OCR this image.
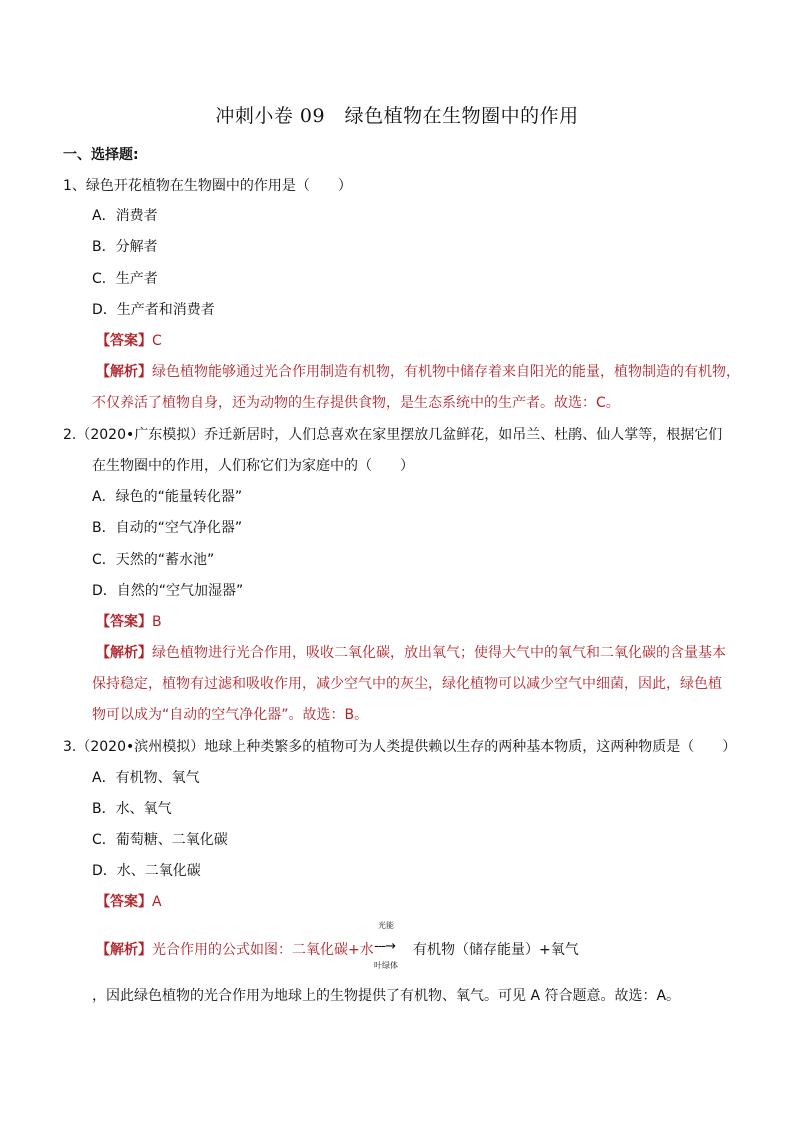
冲刺小卷 09　绿色植物在生物圈中的作用
一、选择题:
1、绿色开花植物在生物圈中的作用是（　　）
A．消费者
B．分解者
C．生产者
D．生产者和消费者
【答案】C
【解析】绿色植物能够通过光合作用制造有机物，有机物中储存着来自阳光的能量，植物制造的有机物，
不仅养活了植物自身，还为动物的生存提供食物，是生态系统中的生产者。故选：C。
2.（2020•广东模拟）乔迁新居时，人们总喜欢在家里摆放几盆鲜花，如吊兰、杜鹃、仙人掌等，根据它们
在生物圈中的作用，人们称它们为家庭中的（　　）
A．绿色的“能量转化器”
B．自动的“空气净化器”
C．天然的“蓄水池”
D．自然的“空气加湿器”
【答案】B
【解析】绿色植物进行光合作用，吸收二氧化碳，放出氧气；使得大气中的氧气和二氧化碳的含量基本
保持稳定，植物有过滤和吸收作用，减少空气中的灰尘，绿化植物可以减少空气中细菌，因此，绿色植
物可以成为“自动的空气净化器”。故选：B。
3.（2020•滨州模拟）地球上种类繁多的植物可为人类提供赖以生存的两种基本物质，这两种物质是（　　）
A．有机物、氧气
B．水、氧气
C．葡萄糖、二氧化碳
D．水、二氧化碳
【答案】A
【解析】光合作用的公式如图：二氧化碳+水
光能
---→
叶绿体
有机物（储存能量）+氧气
，因此绿色植物的光合作用为地球上的生物提供了有机物、氧气。可见 A 符合题意。故选：A。
